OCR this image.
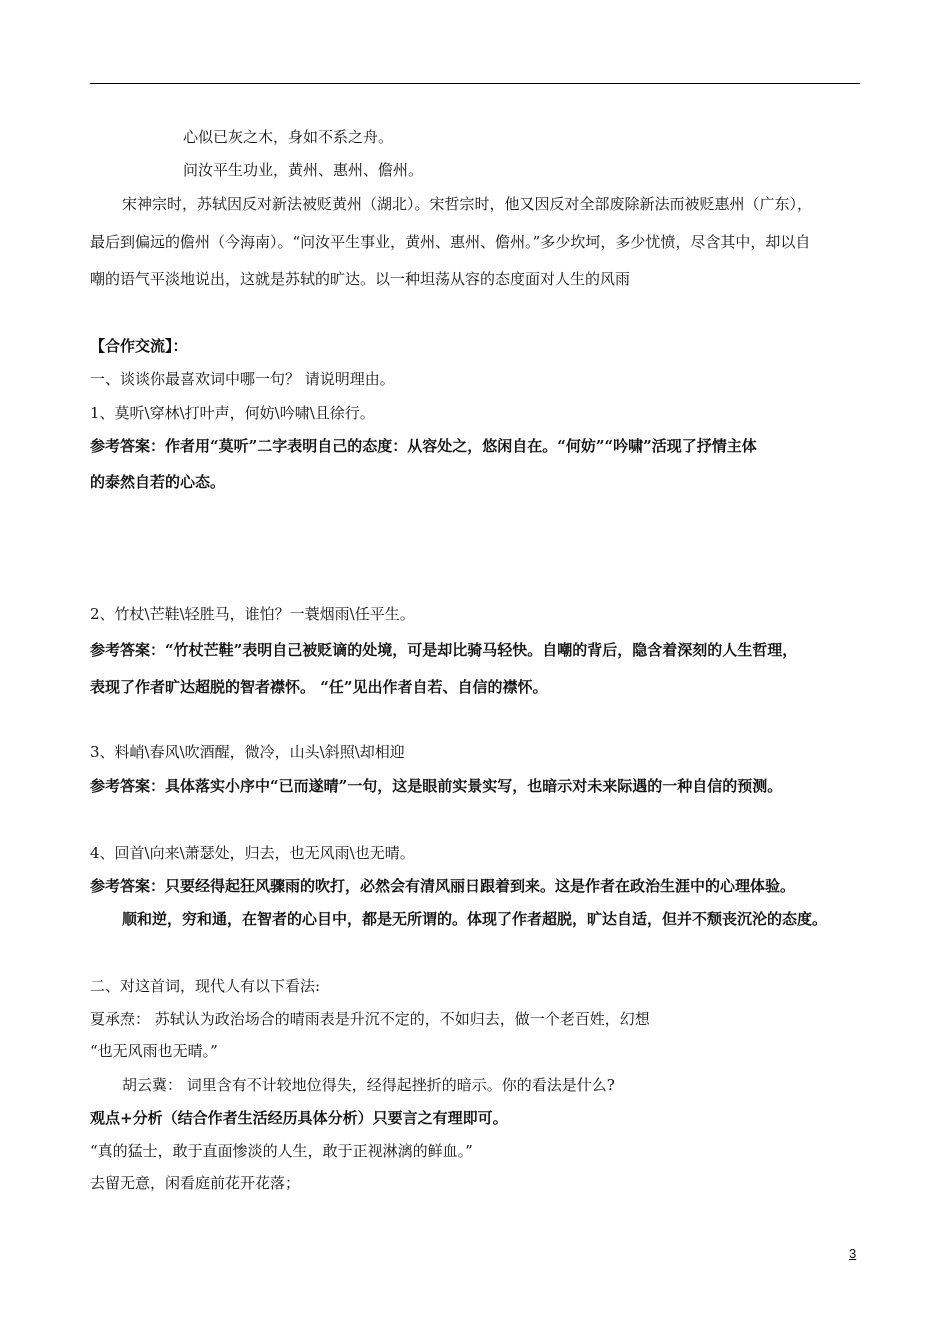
心似已灰之木，身如不系之舟。
问汝平生功业，黄州、惠州、儋州。
宋神宗时，苏轼因反对新法被贬黄州（湖北）。宋哲宗时，他又因反对全部废除新法而被贬惠州（广东），
最后到偏远的儋州（今海南）。“问汝平生事业，黄州、惠州、儋州。”多少坎坷，多少忧愤，尽含其中，却以自
嘲的语气平淡地说出，这就是苏轼的旷达。以一种坦荡从容的态度面对人生的风雨
【合作交流】：
一、谈谈你最喜欢词中哪一句？ 请说明理由。
1、莫听\穿林\打叶声，何妨\吟啸\且徐行。
参考答案：作者用“莫听”二字表明自己的态度：从容处之，悠闲自在。“何妨”“吟啸”活现了抒情主体
的泰然自若的心态。
2、竹杖\芒鞋\轻胜马，谁怕？一蓑烟雨\任平生。
参考答案：“竹杖芒鞋”表明自己被贬谪的处境，可是却比骑马轻快。自嘲的背后，隐含着深刻的人生哲理，
表现了作者旷达超脱的智者襟怀。 “任”见出作者自若、自信的襟怀。
3、料峭\春风\吹酒醒，微冷，山头\斜照\却相迎
参考答案：具体落实小序中“已而遂晴”一句，这是眼前实景实写，也暗示对未来际遇的一种自信的预测。
4、回首\向来\萧瑟处，归去，也无风雨\也无晴。
参考答案：只要经得起狂风骤雨的吹打，必然会有清风丽日跟着到来。这是作者在政治生涯中的心理体验。
顺和逆，穷和通，在智者的心目中，都是无所谓的。体现了作者超脱，旷达自适，但并不颓丧沉沦的态度。
二、对这首词，现代人有以下看法:
夏承焘： 苏轼认为政治场合的晴雨表是升沉不定的，不如归去，做一个老百姓，幻想
“也无风雨也无晴。”
胡云冀： 词里含有不计较地位得失，经得起挫折的暗示。你的看法是什么?
观点+分析（结合作者生活经历具体分析）只要言之有理即可。
“真的猛士，敢于直面惨淡的人生，敢于正视淋漓的鲜血。”
去留无意，闲看庭前花开花落；
3
